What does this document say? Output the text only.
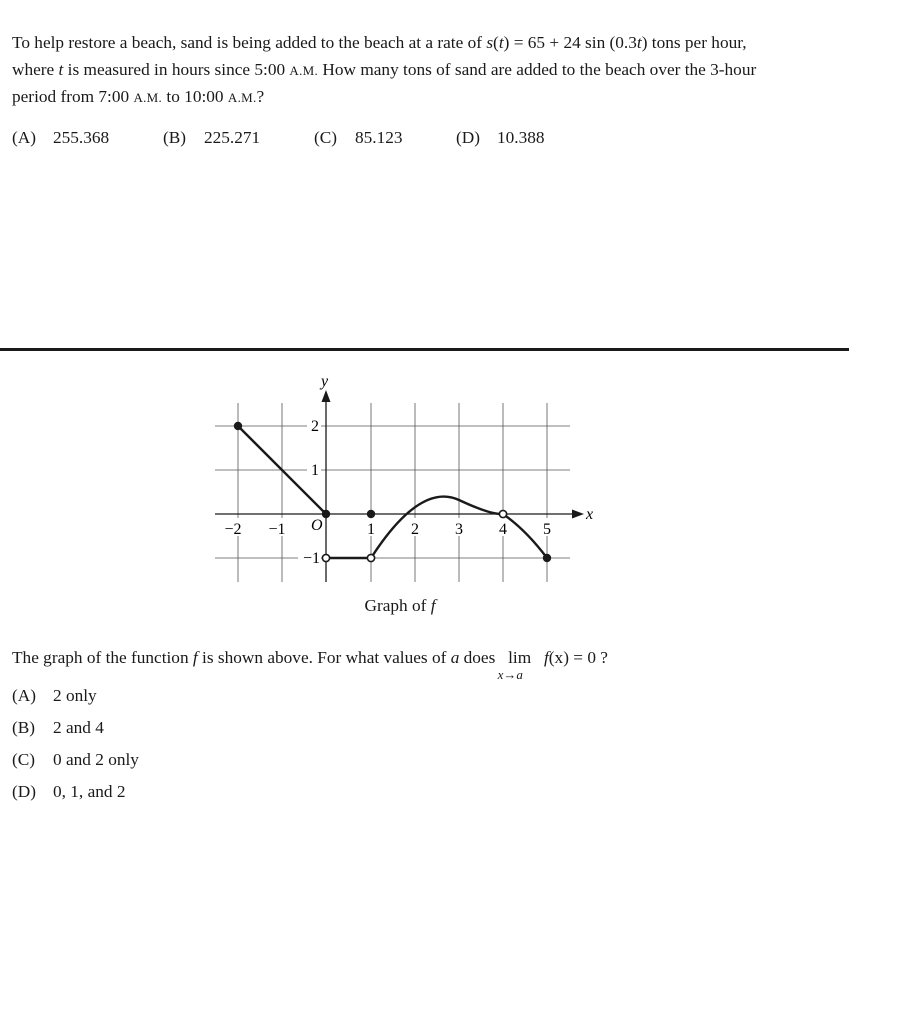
To help restore a beach, sand is being added to the beach at a rate of s(t) = 65 + 24 sin (0.3t) tons per hour,

where t is measured in hours since 5:00 A.M. How many tons of sand are added to the beach over the 3-hour

period from 7:00 A.M. to 10:00 A.M.?

(A) 255.368	(B) 225.271	(C) 85.123	(D) 10.388
x
y
O
−2 −1	1 2 3 4 5
2
1
−1
Graph of f
The graph of the function f is shown above. For what values of a does lim
x→a
f(x) = 0 ?
(A) 2 only
(B) 2 and 4
(C) 0 and 2 only
(D) 0, 1, and 2
